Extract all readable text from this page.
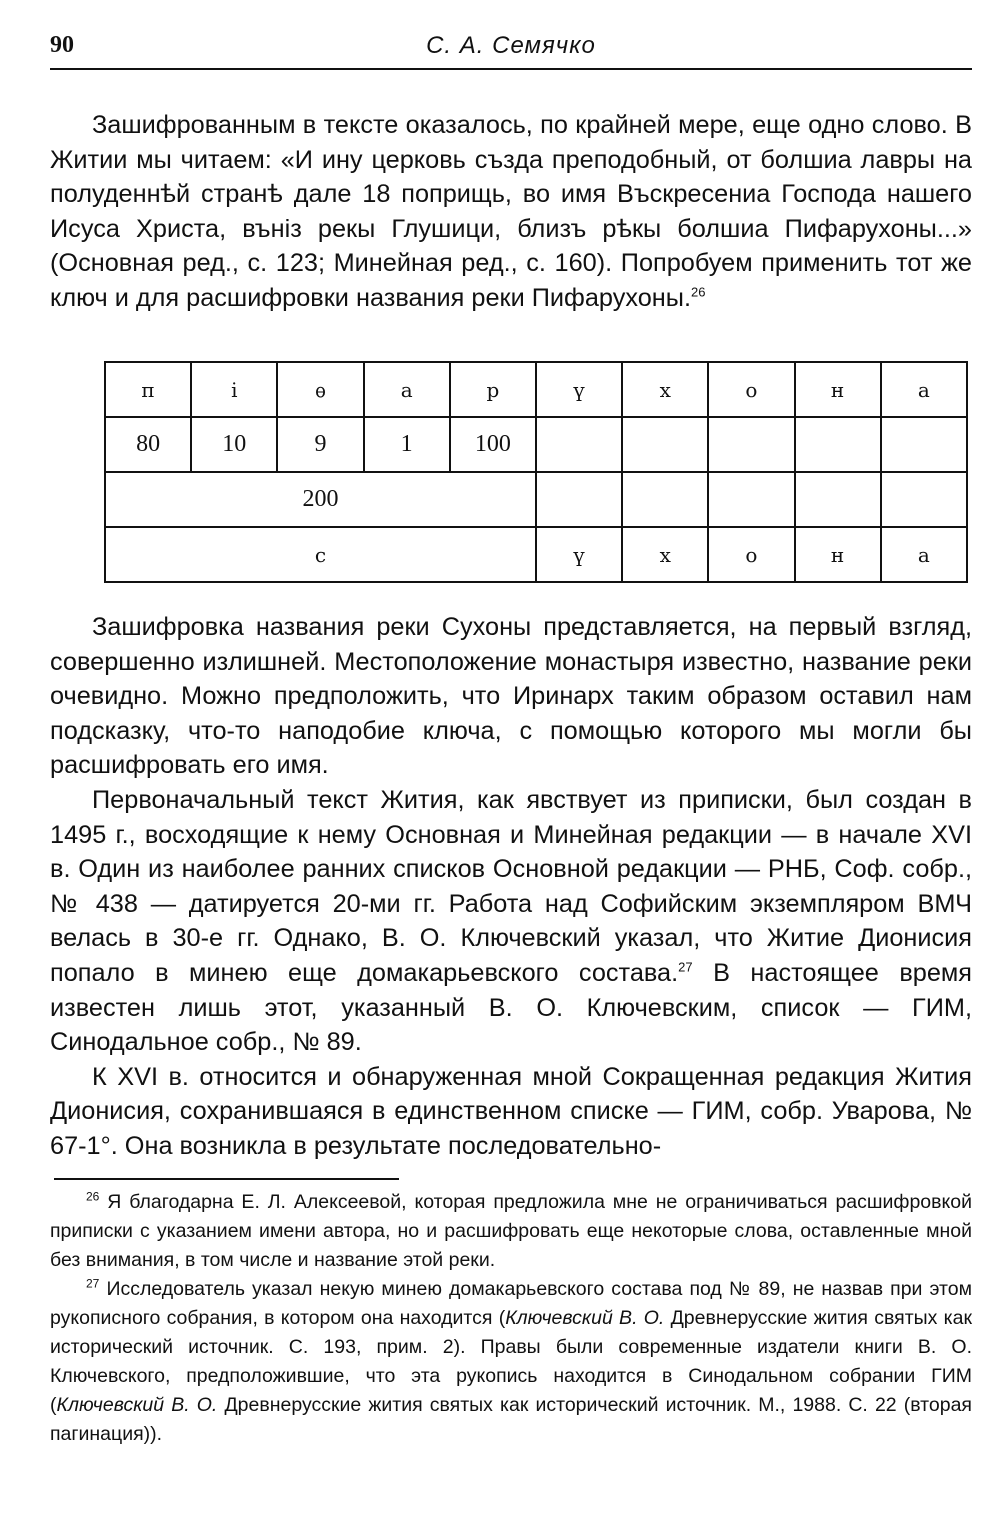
90	С. А. Семячко

Зашифрованным в тексте оказалось, по крайней мере, еще одно слово. В Житии мы читаем: «И ину церковь създа преподобный, от болшиа лавры на полуденнѣй странѣ далe 18 поприщь, во имя Въскресениа Господа нашего Исуса Христа, вънiз рекы Глушици, близъ рѣкы болшиа Пифарухоны...» (Основная ред., с. 123; Минейная ред., с. 160). Попробуем применить тот же ключ и для расшифровки названия реки Пифарухоны.$^{26}$

п	і	ѳ	а	р	ү	х	о	н	а
80	10	9	1	100					
200									
с					ү	х	о	н	а

Зашифровка названия реки Сухоны представляется, на первый взгляд, совершенно излишней. Местоположение монастыря известно, название реки очевидно. Можно предположить, что Иринарх таким образом оставил нам подсказку, что-то наподобие ключа, с помощью которого мы могли бы расшифровать его имя.

Первоначальный текст Жития, как явствует из приписки, был создан в 1495 г., восходящие к нему Основная и Минейная редакции — в начале XVI в. Один из наиболее ранних списков Основной редакции — РНБ, Соф. собр., № 438 — датируется 20-ми гг. Работа над Софийским экземпляром ВМЧ велась в 30-е гг. Однако, В. О. Ключевский указал, что Житие Дионисия попало в минею еще домакарьевского состава.$^{27}$ В настоящее время известен лишь этот, указанный В. О. Ключевским, список — ГИМ, Синодальное собр., № 89.

К XVI в. относится и обнаруженная мной Сокращенная редакция Жития Дионисия, сохранившаяся в единственном списке — ГИМ, собр. Уварова, № 67-1°. Она возникла в результате последовательно-

$^{26}$ Я благодарна Е. Л. Алексеевой, которая предложила мне не ограничиваться расшифровкой приписки с указанием имени автора, но и расшифровать еще некоторые слова, оставленные мной без внимания, в том числе и название этой реки.

$^{27}$ Исследователь указал некую минею домакарьевского состава под № 89, не назвав при этом рукописного собрания, в котором она находится (Ключевский В. О. Древнерусские жития святых как исторический источник. С. 193, прим. 2). Правы были современные издатели книги В. О. Ключевского, предположившие, что эта рукопись находится в Синодальном собрании ГИМ (Ключевский В. О. Древнерусские жития святых как исторический источник. М., 1988. С. 22 (вторая пагинация)).
